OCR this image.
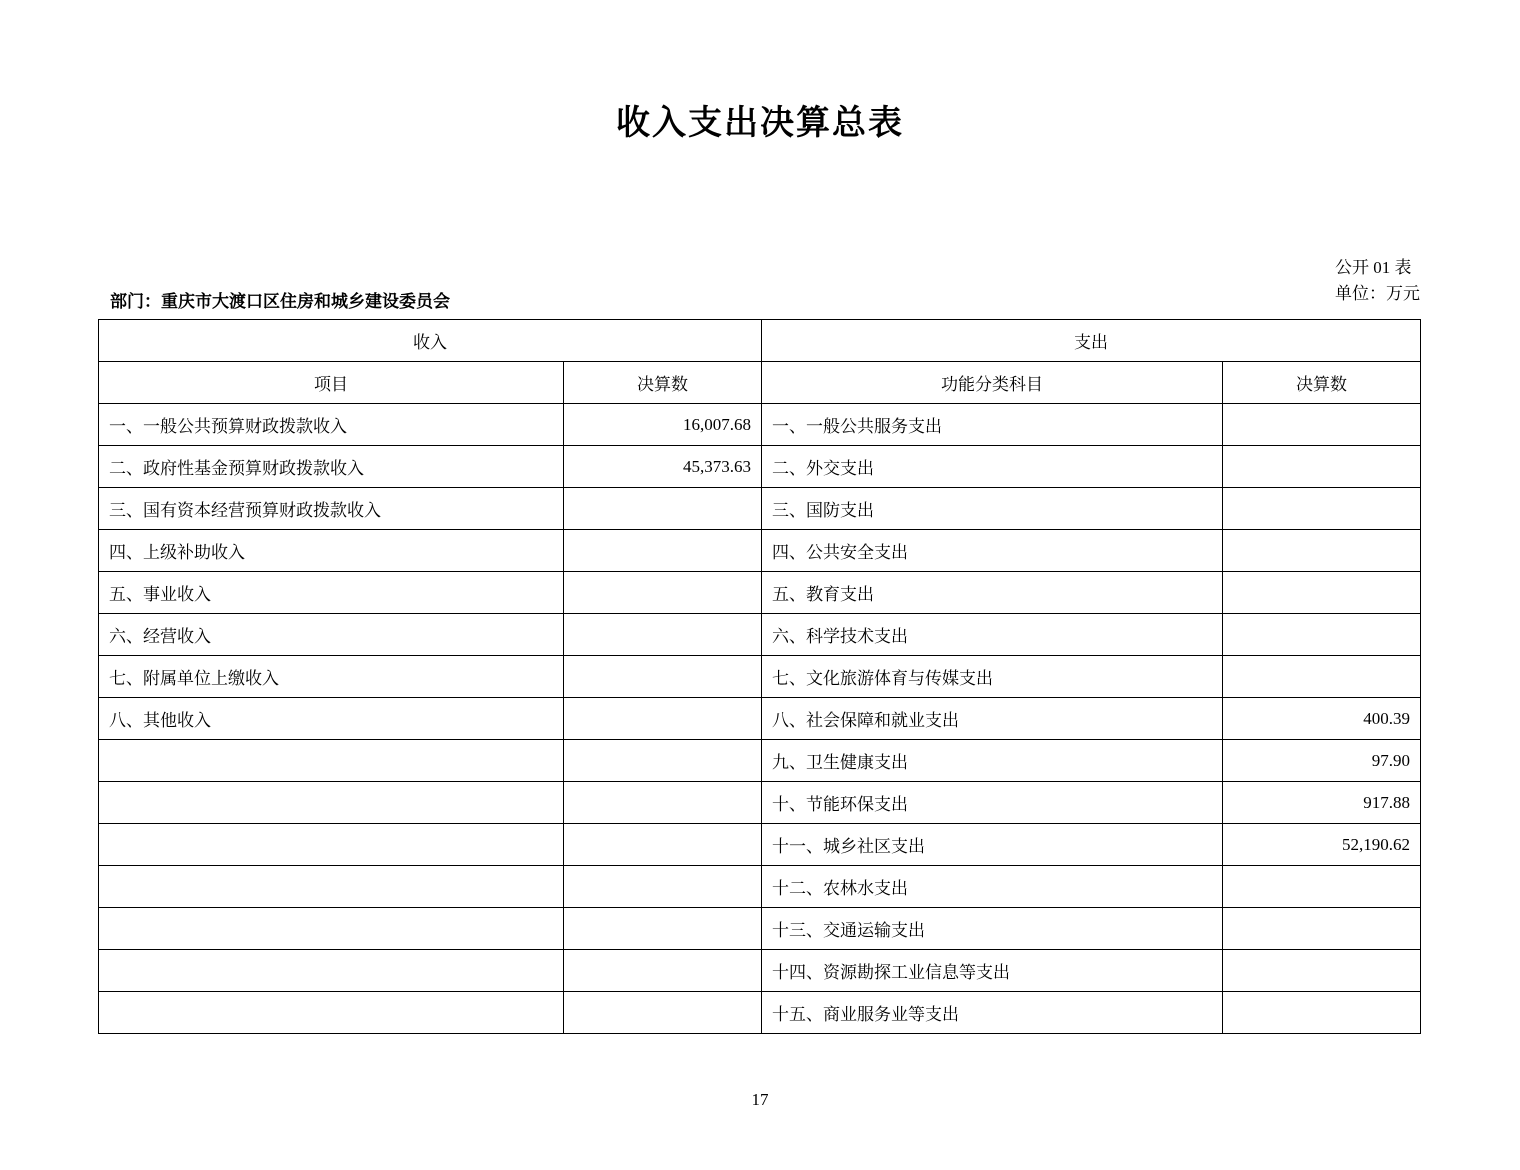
收入支出决算总表
公开 01 表
单位：万元
部门：重庆市大渡口区住房和城乡建设委员会
收入		支出	
项目	决算数	功能分类科目	决算数
一、一般公共预算财政拨款收入	16,007.68	一、一般公共服务支出	
二、政府性基金预算财政拨款收入	45,373.63	二、外交支出	
三、国有资本经营预算财政拨款收入		三、国防支出	
四、上级补助收入		四、公共安全支出	
五、事业收入		五、教育支出	
六、经营收入		六、科学技术支出	
七、附属单位上缴收入		七、文化旅游体育与传媒支出	
八、其他收入		八、社会保障和就业支出	400.39
		九、卫生健康支出	97.90
		十、节能环保支出	917.88
		十一、城乡社区支出	52,190.62
		十二、农林水支出	
		十三、交通运输支出	
		十四、资源勘探工业信息等支出	
		十五、商业服务业等支出	
17
